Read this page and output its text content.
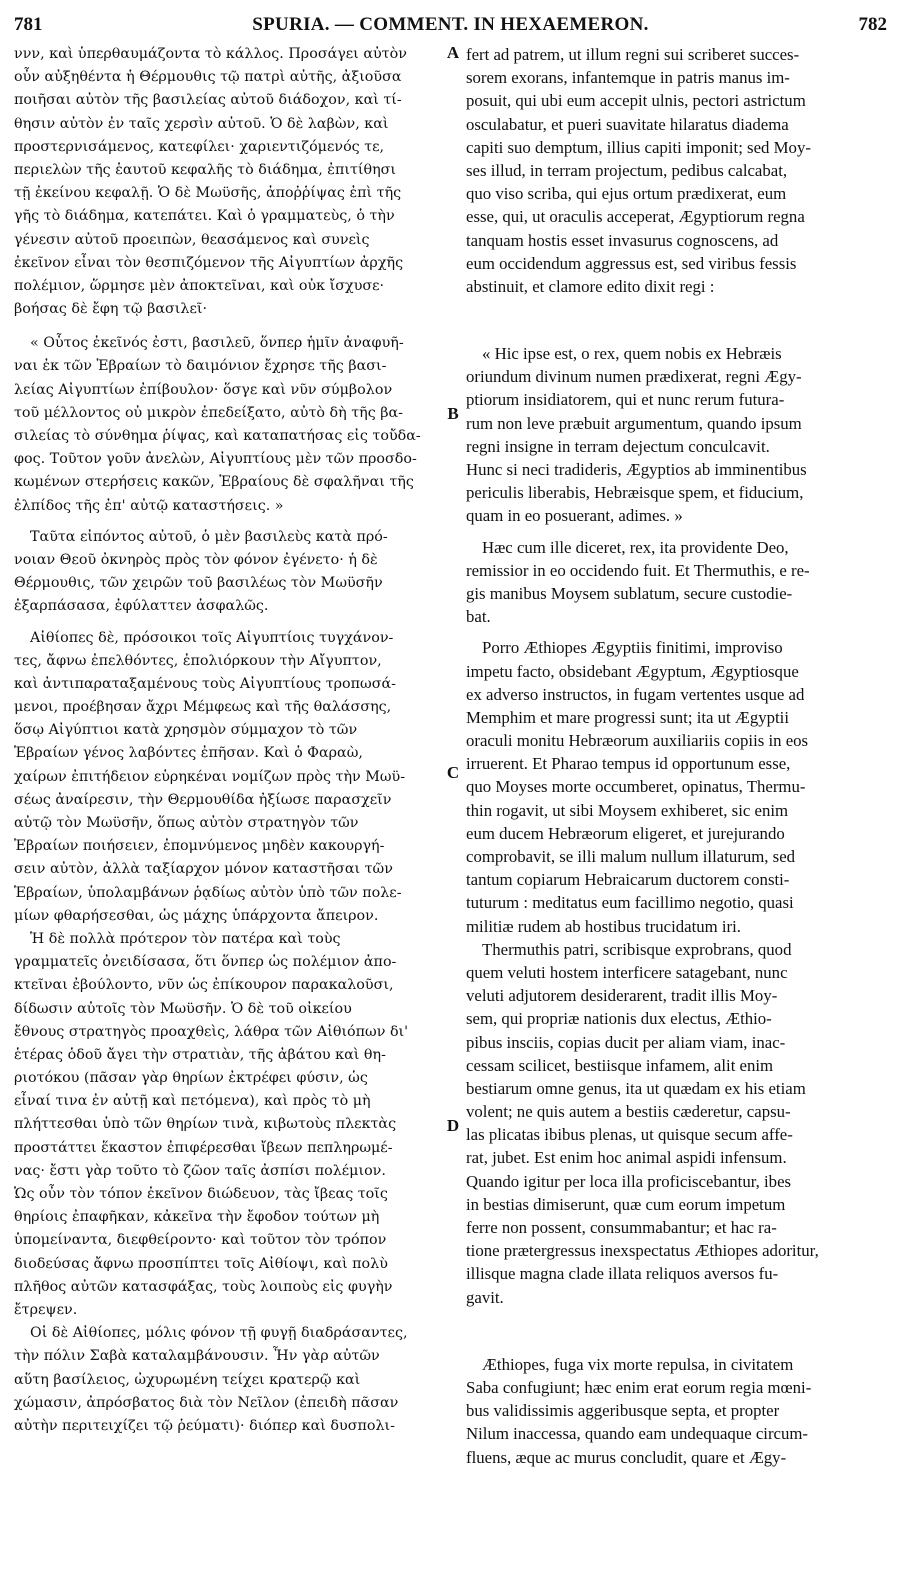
781	SPURIA. — COMMENT. IN HEXAEMERON.	782
A
B
C
D
ννν, καὶ ὑπερθαυμάζοντα τὸ κάλλος. Προσάγει αὐτὸν
οὖν αὐξηθέντα ἡ Θέρμουθις τῷ πατρὶ αὐτῆς, ἀξιοῦσα
ποιῆσαι αὐτὸν τῆς βασιλείας αὐτοῦ διάδοχον, καὶ τί-
θησιν αὐτὸν ἐν ταῖς χερσὶν αὐτοῦ. Ὁ δὲ λαβὼν, καὶ
προστερνισάμενος, κατεφίλει· χαριεντιζόμενός τε,
περιελὼν τῆς ἑαυτοῦ κεφαλῆς τὸ διάδημα, ἐπιτίθησι
τῇ ἐκείνου κεφαλῇ. Ὁ δὲ Μωϋσῆς, ἀποῤῥίψας ἐπὶ τῆς
γῆς τὸ διάδημα, κατεπάτει. Καὶ ὁ γραμματεὺς, ὁ τὴν
γένεσιν αὐτοῦ προειπὼν, θεασάμενος καὶ συνεὶς
ἐκεῖνον εἶναι τὸν θεσπιζόμενον τῆς Αἰγυπτίων ἀρχῆς
πολέμιον, ὥρμησε μὲν ἀποκτεῖναι, καὶ οὐκ ἴσχυσε·
βοήσας δὲ ἔφη τῷ βασιλεῖ·
« Οὗτος ἐκεῖνός ἐστι, βασιλεῦ, ὅνπερ ἡμῖν ἀναφυῆ-
ναι ἐκ τῶν Ἑβραίων τὸ δαιμόνιον ἔχρησε τῆς βασι-
λείας Αἰγυπτίων ἐπίβουλον· ὅσγε καὶ νῦν σύμβολον
τοῦ μέλλοντος οὐ μικρὸν ἐπεδείξατο, αὐτὸ δὴ τῆς βα-
σιλείας τὸ σύνθημα ῥίψας, καὶ καταπατήσας εἰς τοὔδα-
φος. Τοῦτον γοῦν ἀνελὼν, Αἰγυπτίους μὲν τῶν προσδο-
κωμένων στερήσεις κακῶν, Ἑβραίους δὲ σφαλῆναι τῆς
ἐλπίδος τῆς ἐπ' αὐτῷ καταστήσεις. »
Ταῦτα εἰπόντος αὐτοῦ, ὁ μὲν βασιλεὺς κατὰ πρό-
νοιαν Θεοῦ ὀκνηρὸς πρὸς τὸν φόνον ἐγένετο· ἡ δὲ
Θέρμουθις, τῶν χειρῶν τοῦ βασιλέως τὸν Μωϋσῆν
ἐξαρπάσασα, ἐφύλαττεν ἀσφαλῶς.
Αἰθίοπες δὲ, πρόσοικοι τοῖς Αἰγυπτίοις τυγχάνον-
τες, ἄφνω ἐπελθόντες, ἐπολιόρκουν τὴν Αἴγυπτον,
καὶ ἀντιπαραταξαμένους τοὺς Αἰγυπτίους τροπωσά-
μενοι, προέβησαν ἄχρι Μέμφεως καὶ τῆς θαλάσσης,
ὅσῳ Αἰγύπτιοι κατὰ χρησμὸν σύμμαχον τὸ τῶν
Ἑβραίων γένος λαβόντες ἐπῆσαν. Καὶ ὁ Φαραὼ,
χαίρων ἐπιτήδειον εὑρηκέναι νομίζων πρὸς τὴν Μωϋ-
σέως ἀναίρεσιν, τὴν Θερμουθίδα ἠξίωσε παρασχεῖν
αὐτῷ τὸν Μωϋσῆν, ὅπως αὐτὸν στρατηγὸν τῶν
Ἑβραίων ποιήσειεν, ἐπομνύμενος μηδὲν κακουργή-
σειν αὐτὸν, ἀλλὰ ταξίαρχον μόνον καταστῆσαι τῶν
Ἑβραίων, ὑπολαμβάνων ῥᾳδίως αὐτὸν ὑπὸ τῶν πολε-
μίων φθαρήσεσθαι, ὡς μάχης ὑπάρχοντα ἄπειρον.
Ἡ δὲ πολλὰ πρότερον τὸν πατέρα καὶ τοὺς
γραμματεῖς ὀνειδίσασα, ὅτι ὅνπερ ὡς πολέμιον ἀπο-
κτεῖναι ἐβούλοντο, νῦν ὡς ἐπίκουρον παρακαλοῦσι,
δίδωσιν αὐτοῖς τὸν Μωϋσῆν. Ὁ δὲ τοῦ οἰκείου
ἔθνους στρατηγὸς προαχθεὶς, λάθρα τῶν Αἰθιόπων δι'
ἑτέρας ὁδοῦ ἄγει τὴν στρατιὰν, τῆς ἀβάτου καὶ θη-
ριοτόκου (πᾶσαν γὰρ θηρίων ἐκτρέφει φύσιν, ὡς
εἶναί τινα ἐν αὐτῇ καὶ πετόμενα), καὶ πρὸς τὸ μὴ
πλήττεσθαι ὑπὸ τῶν θηρίων τινὰ, κιβωτοὺς πλεκτὰς
προστάττει ἕκαστον ἐπιφέρεσθαι ἴβεων πεπληρωμέ-
νας· ἔστι γὰρ τοῦτο τὸ ζῶον ταῖς ἀσπίσι πολέμιον.
Ὡς οὖν τὸν τόπον ἐκεῖνον διώδευον, τὰς ἴβεας τοῖς
θηρίοις ἐπαφῆκαν, κἀκεῖνα τὴν ἔφοδον τούτων μὴ
ὑπομείναντα, διεφθείροντο· καὶ τοῦτον τὸν τρόπον
διοδεύσας ἄφνω προσπίπτει τοῖς Αἰθίοψι, καὶ πολὺ
πλῆθος αὐτῶν κατασφάξας, τοὺς λοιποὺς εἰς φυγὴν
ἔτρεψεν.
Οἱ δὲ Αἰθίοπες, μόλις φόνον τῇ φυγῇ διαδράσαντες,
τὴν πόλιν Σαβὰ καταλαμβάνουσιν. Ἦν γὰρ αὐτῶν
αὕτη βασίλειος, ὠχυρωμένη τείχει κρατερῷ καὶ
χώμασιν, ἀπρόσβατος διὰ τὸν Νεῖλον (ἐπειδὴ πᾶσαν
αὐτὴν περιτειχίζει τῷ ῥεύματι)· διόπερ καὶ δυσπολι-
fert ad patrem, ut illum regni sui scriberet succes-
sorem exorans, infantemque in patris manus im-
posuit, qui ubi eum accepit ulnis, pectori astrictum
osculabatur, et pueri suavitate hilaratus diadema
capiti suo demptum, illius capiti imponit; sed Moy-
ses illud, in terram projectum, pedibus calcabat,
quo viso scriba, qui ejus ortum prædixerat, eum
esse, qui, ut oraculis acceperat, Ægyptiorum regna
tanquam hostis esset invasurus cognoscens, ad
eum occidendum aggressus est, sed viribus fessis
abstinuit, et clamore edito dixit regi :
« Hic ipse est, o rex, quem nobis ex Hebræis
oriundum divinum numen prædixerat, regni Ægy-
ptiorum insidiatorem, qui et nunc rerum futura-
rum non leve præbuit argumentum, quando ipsum
regni insigne in terram dejectum conculcavit.
Hunc si neci tradideris, Ægyptios ab imminentibus
periculis liberabis, Hebræisque spem, et fiducium,
quam in eo posuerant, adimes. »
Hæc cum ille diceret, rex, ita providente Deo,
remissior in eo occidendo fuit. Et Thermuthis, e re-
gis manibus Moysem sublatum, secure custodie-
bat.
Porro Æthiopes Ægyptiis finitimi, improviso
impetu facto, obsidebant Ægyptum, Ægyptiosque
ex adverso instructos, in fugam vertentes usque ad
Memphim et mare progressi sunt; ita ut Ægyptii
oraculi monitu Hebræorum auxiliariis copiis in eos
irruerent. Et Pharao tempus id opportunum esse,
quo Moyses morte occumberet, opinatus, Thermu-
thin rogavit, ut sibi Moysem exhiberet, sic enim
eum ducem Hebræorum eligeret, et jurejurando
comprobavit, se illi malum nullum illaturum, sed
tantum copiarum Hebraicarum ductorem consti-
tuturum : meditatus eum facillimo negotio, quasi
militiæ rudem ab hostibus trucidatum iri.
Thermuthis patri, scribisque exprobrans, quod
quem veluti hostem interficere satagebant, nunc
veluti adjutorem desiderarent, tradit illis Moy-
sem, qui propriæ nationis dux electus, Æthio-
pibus insciis, copias ducit per aliam viam, inac-
cessam scilicet, bestiisque infamem, alit enim
bestiarum omne genus, ita ut quædam ex his etiam
volent; ne quis autem a bestiis cæderetur, capsu-
las plicatas ibibus plenas, ut quisque secum affe-
rat, jubet. Est enim hoc animal aspidi infensum.
Quando igitur per loca illa proficiscebantur, ibes
in bestias dimiserunt, quæ cum eorum impetum
ferre non possent, consummabantur; et hac ra-
tione prætergressus inexspectatus Æthiopes adoritur,
illisque magna clade illata reliquos aversos fu-
gavit.
Æthiopes, fuga vix morte repulsa, in civitatem
Saba confugiunt; hæc enim erat eorum regia mœni-
bus validissimis aggeribusque septa, et propter
Nilum inaccessa, quando eam undequaque circum-
fluens, æque ac murus concludit, quare et Ægy-
